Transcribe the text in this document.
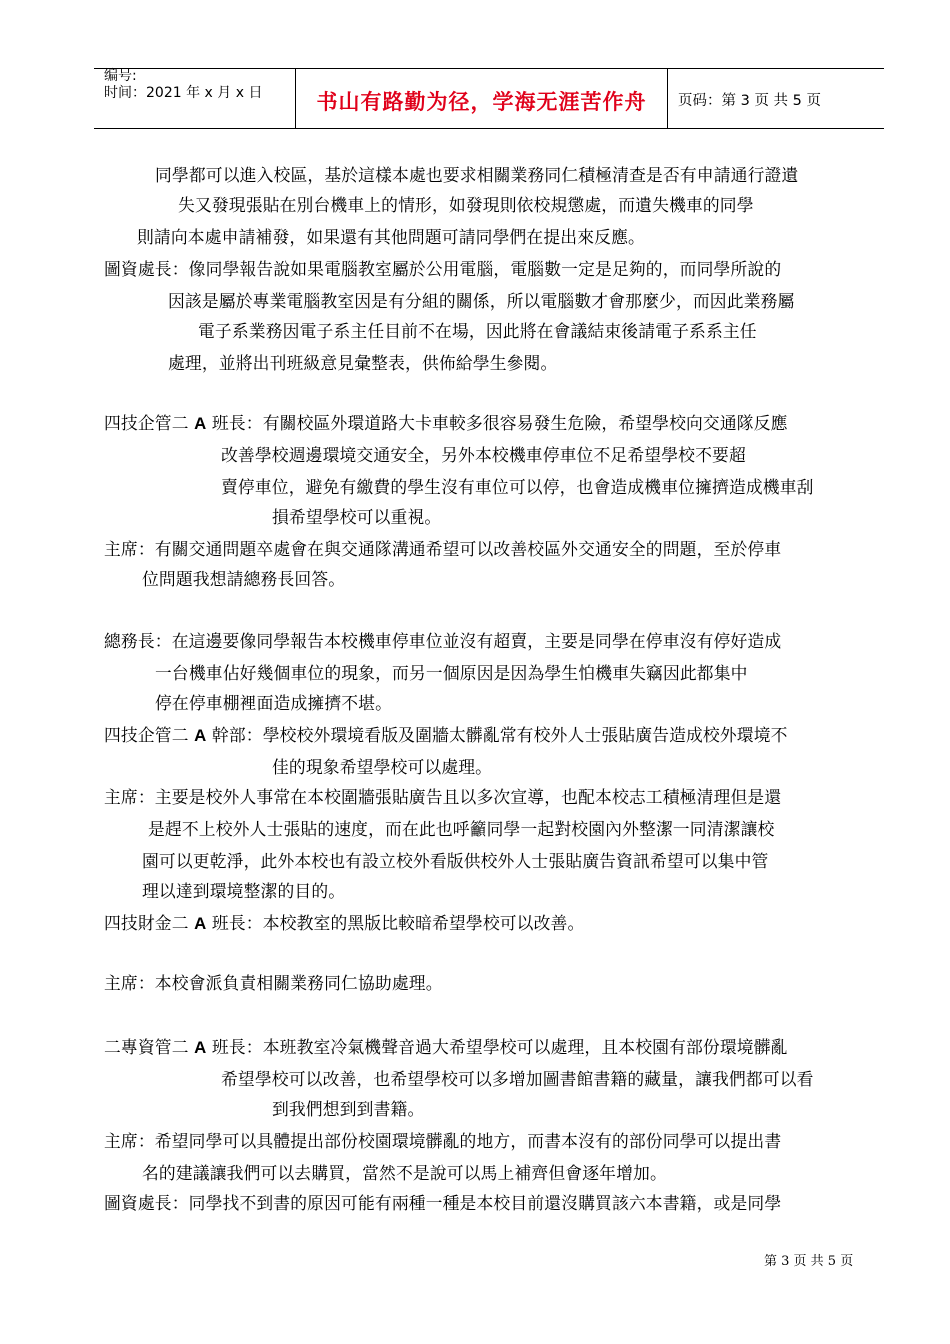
编号:
时间：2021 年 x 月 x 日	书山有路勤为径，学海无涯苦作舟	页码：第 3 页 共 5 页
同學都可以進入校區，基於這樣本處也要求相關業務同仁積極清查是否有申請通行證遺
失又發現張貼在別台機車上的情形，如發現則依校規懲處，而遺失機車的同學
則請向本處申請補發，如果還有其他問題可請同學們在提出來反應。
圖資處長：像同學報告說如果電腦教室屬於公用電腦，電腦數一定是足夠的，而同學所說的
因該是屬於專業電腦教室因是有分組的關係，所以電腦數才會那麼少，而因此業務屬
電子系業務因電子系主任目前不在場，因此將在會議結束後請電子系系主任
處理，並將出刊班級意見彙整表，供佈給學生參閱。
四技企管二 A 班長：有關校區外環道路大卡車較多很容易發生危險，希望學校向交通隊反應
改善學校週邊環境交通安全，另外本校機車停車位不足希望學校不要超
賣停車位，避免有繳費的學生沒有車位可以停，也會造成機車位擁擠造成機車刮
損希望學校可以重視。
主席：有關交通問題卒處會在與交通隊溝通希望可以改善校區外交通安全的問題，至於停車
位問題我想請總務長回答。
總務長：在這邊要像同學報告本校機車停車位並沒有超賣，主要是同學在停車沒有停好造成
一台機車佔好幾個車位的現象，而另一個原因是因為學生怕機車失竊因此都集中
停在停車棚裡面造成擁擠不堪。
四技企管二 A 幹部：學校校外環境看版及圍牆太髒亂常有校外人士張貼廣告造成校外環境不
佳的現象希望學校可以處理。
主席：主要是校外人事常在本校圍牆張貼廣告且以多次宣導，也配本校志工積極清理但是還
是趕不上校外人士張貼的速度，而在此也呼籲同學一起對校園內外整潔一同清潔讓校
園可以更乾淨，此外本校也有設立校外看版供校外人士張貼廣告資訊希望可以集中管
理以達到環境整潔的目的。
四技財金二 A 班長：本校教室的黑版比較暗希望學校可以改善。
主席：本校會派負責相關業務同仁協助處理。
二專資管二 A 班長：本班教室冷氣機聲音過大希望學校可以處理，且本校園有部份環境髒亂
希望學校可以改善，也希望學校可以多增加圖書館書籍的藏量，讓我們都可以看
到我們想到到書籍。
主席：希望同學可以具體提出部份校園環境髒亂的地方，而書本沒有的部份同學可以提出書
名的建議讓我們可以去購買，當然不是說可以馬上補齊但會逐年增加。
圖資處長：同學找不到書的原因可能有兩種一種是本校目前還沒購買該六本書籍，或是同學
第 3 页 共 5 页
